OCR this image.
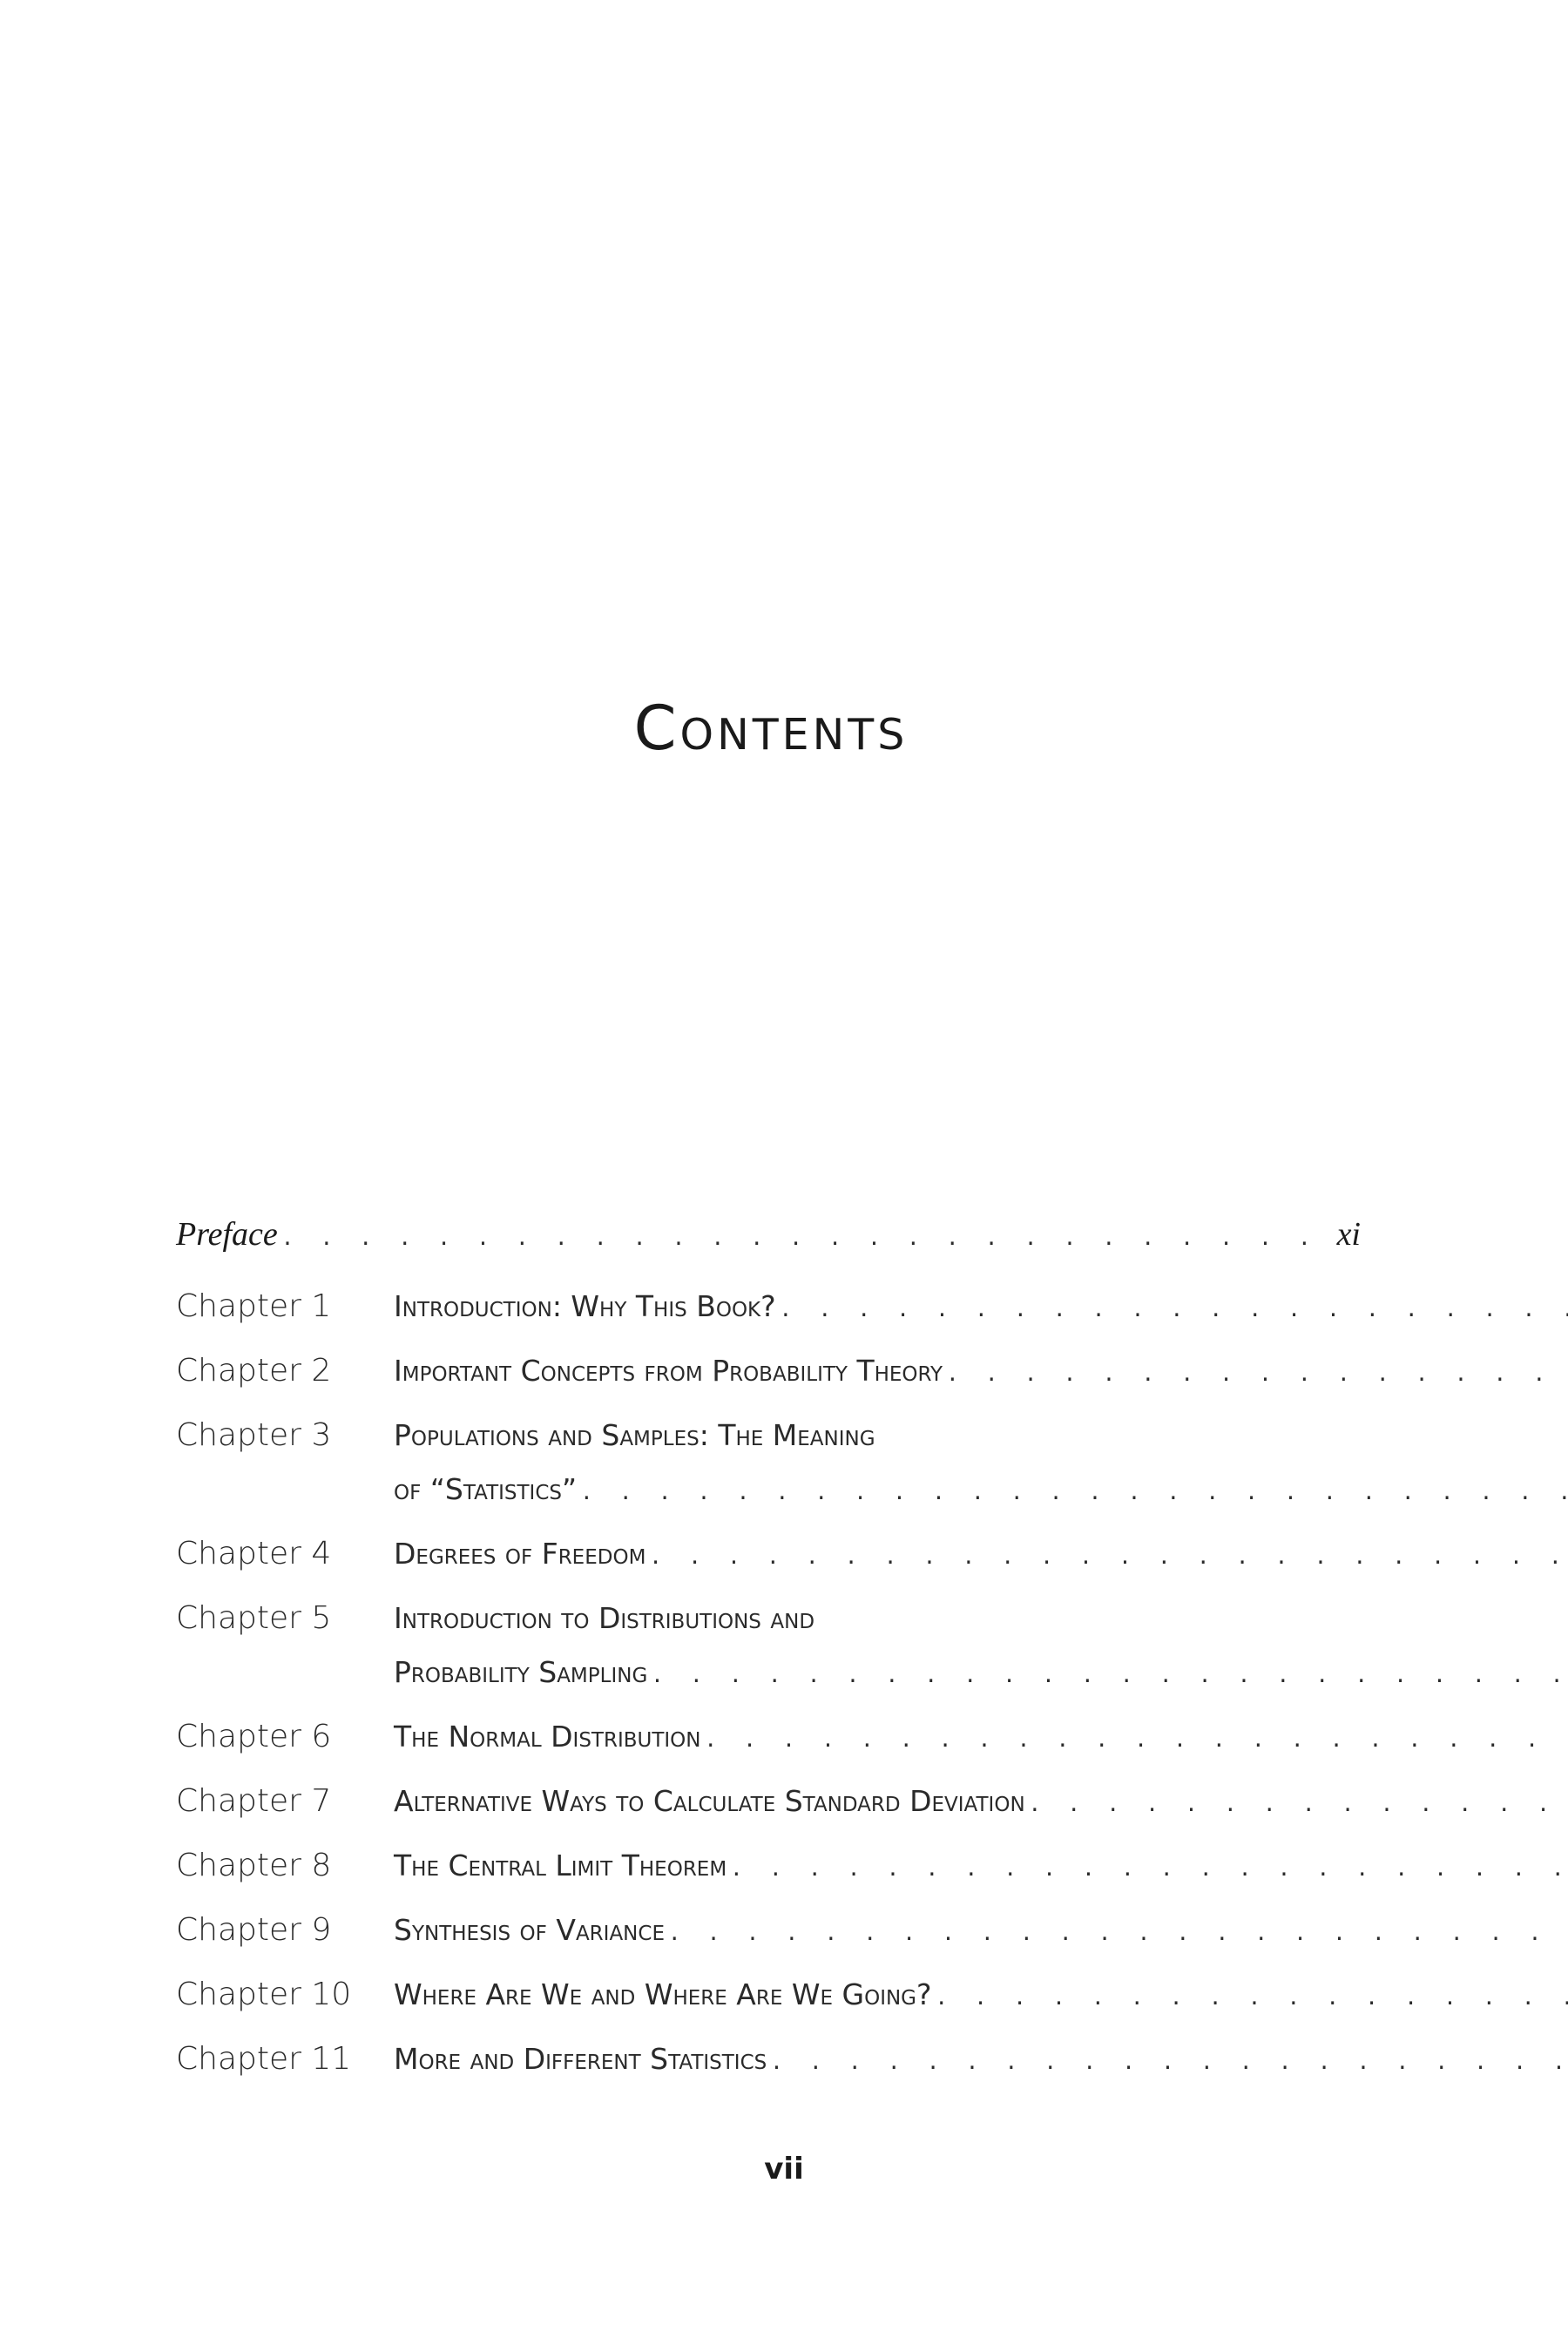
Contents
Preface
. . .	xi
Chapter 1	Introduction: Why This Book?
. . .
Chapter 2	Important Concepts from Probability Theory
. . .
Chapter 3	Populations and Samples: The Meaning
of “Statistics”
. . .
Chapter 4	Degrees of Freedom
. . .
Chapter 5	Introduction to Distributions and
Probability Sampling
. . .
Chapter 6	The Normal Distribution
. . .
Chapter 7	Alternative Ways to Calculate Standard Deviation
. . .
Chapter 8	The Central Limit Theorem
. . .
Chapter 9	Synthesis of Variance
. . .
Chapter 10	Where Are We and Where Are We Going?
. . .
Chapter 11	More and Different Statistics
. . .
vii
